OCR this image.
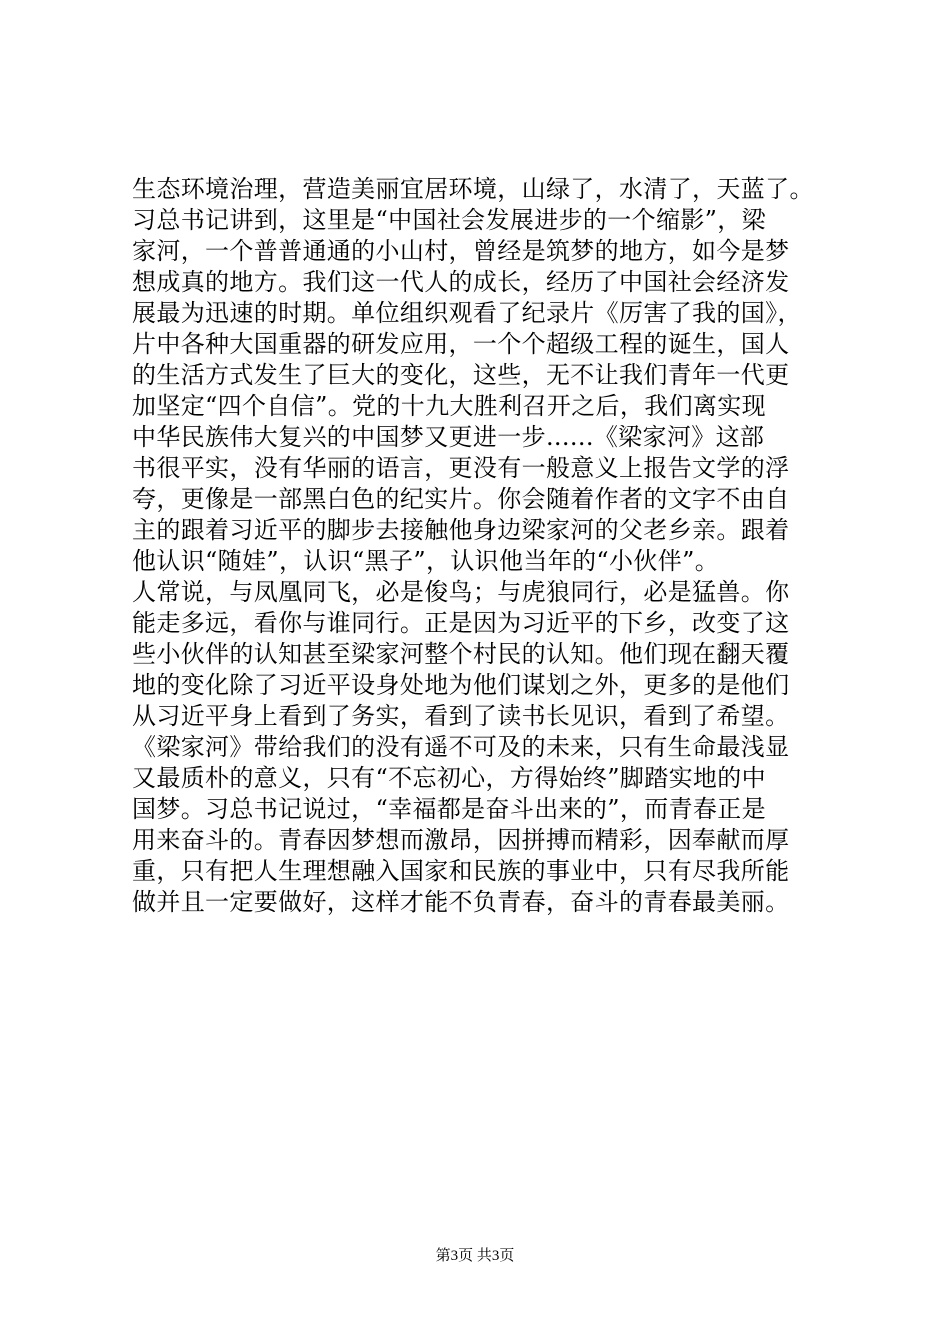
生态环境治理，营造美丽宜居环境，山绿了，水清了，天蓝了。
习总书记讲到，这里是“中国社会发展进步的一个缩影”，梁
家河，一个普普通通的小山村，曾经是筑梦的地方，如今是梦
想成真的地方。我们这一代人的成长，经历了中国社会经济发
展最为迅速的时期。单位组织观看了纪录片《厉害了我的国》，
片中各种大国重器的研发应用，一个个超级工程的诞生，国人
的生活方式发生了巨大的变化，这些，无不让我们青年一代更
加坚定“四个自信”。党的十九大胜利召开之后，我们离实现
中华民族伟大复兴的中国梦又更进一步......《梁家河》这部
书很平实，没有华丽的语言，更没有一般意义上报告文学的浮
夸，更像是一部黑白色的纪实片。你会随着作者的文字不由自
主的跟着习近平的脚步去接触他身边梁家河的父老乡亲。跟着
他认识“随娃”，认识“黑子”，认识他当年的“小伙伴”。
人常说，与凤凰同飞，必是俊鸟；与虎狼同行，必是猛兽。你
能走多远，看你与谁同行。正是因为习近平的下乡，改变了这
些小伙伴的认知甚至梁家河整个村民的认知。他们现在翻天覆
地的变化除了习近平设身处地为他们谋划之外，更多的是他们
从习近平身上看到了务实，看到了读书长见识，看到了希望。
《梁家河》带给我们的没有遥不可及的未来，只有生命最浅显
又最质朴的意义，只有“不忘初心，方得始终”脚踏实地的中
国梦。习总书记说过，“幸福都是奋斗出来的”，而青春正是
用来奋斗的。青春因梦想而激昂，因拼搏而精彩，因奉献而厚
重，只有把人生理想融入国家和民族的事业中，只有尽我所能
做并且一定要做好，这样才能不负青春，奋斗的青春最美丽。
第3页 共3页
